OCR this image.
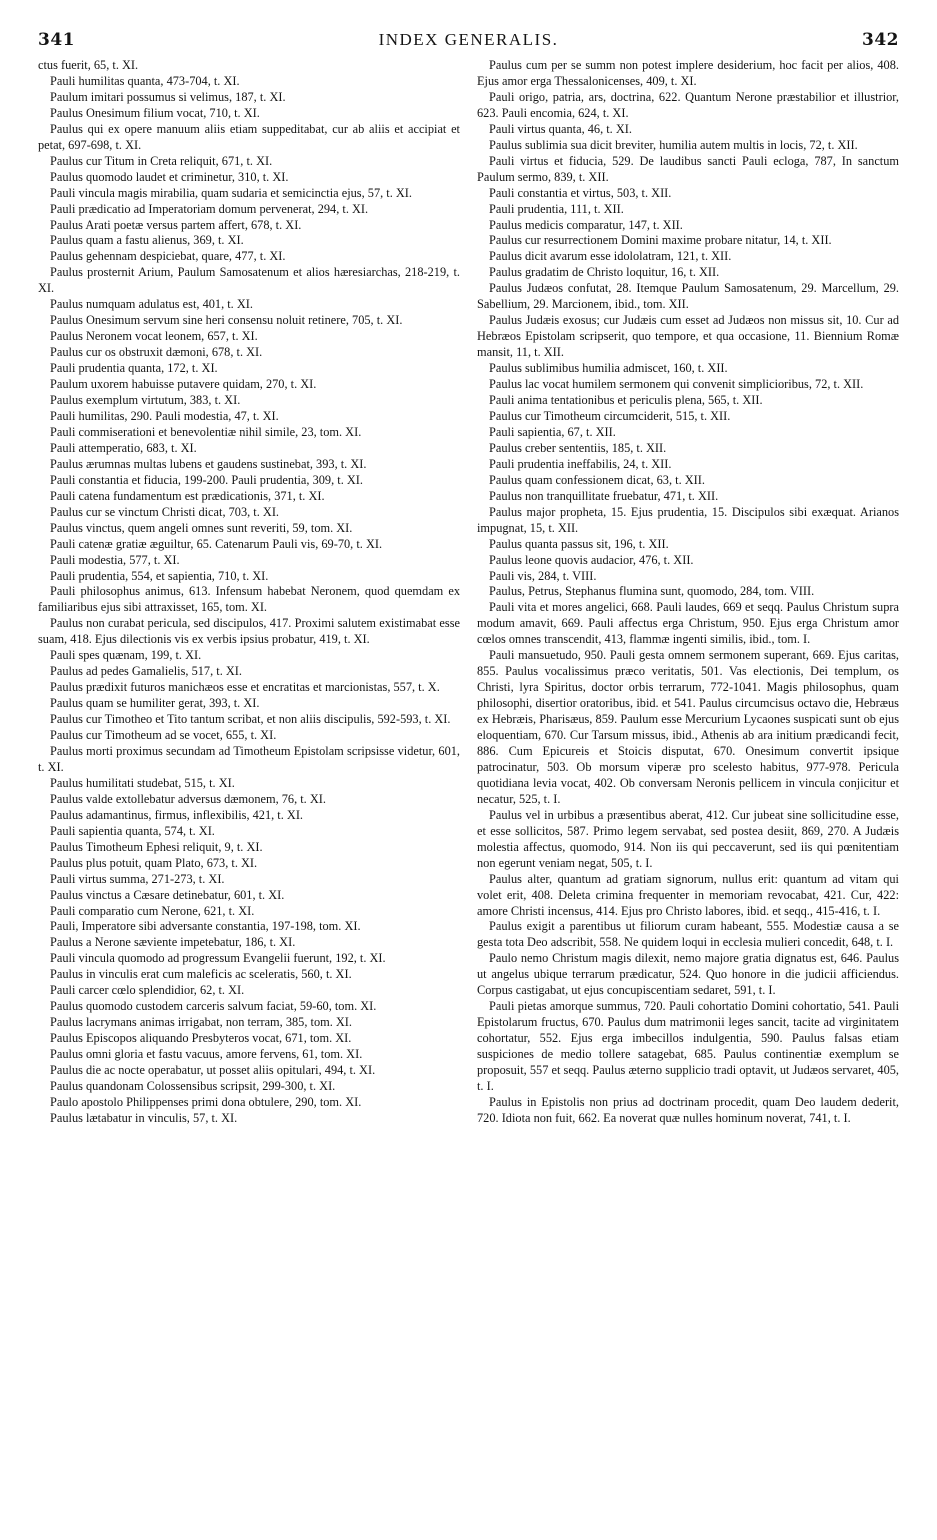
341	INDEX GENERALIS.	342

ctus fuerit, 65, t. XI.

Pauli humilitas quanta, 473-704, t. XI.

Paulum imitari possumus si velimus, 187, t. XI.

Paulus Onesimum filium vocat, 710, t. XI.

Paulus qui ex opere manuum aliis etiam suppeditabat, cur ab aliis et accipiat et petat, 697-698, t. XI.

Paulus cur Titum in Creta reliquit, 671, t. XI.

Paulus quomodo laudet et criminetur, 310, t. XI.

Pauli vincula magis mirabilia, quam sudaria et semicinctia ejus, 57, t. XI.

Pauli prædicatio ad Imperatoriam domum pervenerat, 294, t. XI.

Paulus Arati poetæ versus partem affert, 678, t. XI.

Paulus quam a fastu alienus, 369, t. XI.

Paulus gehennam despiciebat, quare, 477, t. XI.

Paulus prosternit Arium, Paulum Samosatenum et alios hæresiarchas, 218-219, t. XI.

Paulus numquam adulatus est, 401, t. XI.

Paulus Onesimum servum sine heri consensu noluit retinere, 705, t. XI.

Paulus Neronem vocat leonem, 657, t. XI.

Paulus cur os obstruxit dæmoni, 678, t. XI.

Pauli prudentia quanta, 172, t. XI.

Paulum uxorem habuisse putavere quidam, 270, t. XI.

Paulus exemplum virtutum, 383, t. XI.

Pauli humilitas, 290. Pauli modestia, 47, t. XI.

Pauli commiserationi et benevolentiæ nihil simile, 23, tom. XI.

Pauli attemperatio, 683, t. XI.

Paulus ærumnas multas lubens et gaudens sustinebat, 393, t. XI.

Pauli constantia et fiducia, 199-200. Pauli prudentia, 309, t. XI.

Pauli catena fundamentum est prædicationis, 371, t. XI.

Paulus cur se vinctum Christi dicat, 703, t. XI.

Paulus vinctus, quem angeli omnes sunt reveriti, 59, tom. XI.

Pauli catenæ gratiæ æguiltur, 65. Catenarum Pauli vis, 69-70, t. XI.

Pauli modestia, 577, t. XI.

Pauli prudentia, 554, et sapientia, 710, t. XI.

Pauli philosophus animus, 613. Infensum habebat Neronem, quod quemdam ex familiaribus ejus sibi attraxisset, 165, tom. XI.

Paulus non curabat pericula, sed discipulos, 417. Proximi salutem existimabat esse suam, 418. Ejus dilectionis vis ex verbis ipsius probatur, 419, t. XI.

Pauli spes quænam, 199, t. XI.

Paulus ad pedes Gamalielis, 517, t. XI.

Paulus prædixit futuros manichæos esse et encratitas et marcionistas, 557, t. X.

Paulus quam se humiliter gerat, 393, t. XI.

Paulus cur Timotheo et Tito tantum scribat, et non aliis discipulis, 592-593, t. XI.

Paulus cur Timotheum ad se vocet, 655, t. XI.

Paulus morti proximus secundam ad Timotheum Epistolam scripsisse videtur, 601, t. XI.

Paulus humilitati studebat, 515, t. XI.

Paulus valde extollebatur adversus dæmonem, 76, t. XI.

Paulus adamantinus, firmus, inflexibilis, 421, t. XI.

Pauli sapientia quanta, 574, t. XI.

Paulus Timotheum Ephesi reliquit, 9, t. XI.

Paulus plus potuit, quam Plato, 673, t. XI.

Pauli virtus summa, 271-273, t. XI.

Paulus vinctus a Cæsare detinebatur, 601, t. XI.

Pauli comparatio cum Nerone, 621, t. XI.

Pauli, Imperatore sibi adversante constantia, 197-198, tom. XI.

Paulus a Nerone sæviente impetebatur, 186, t. XI.

Pauli vincula quomodo ad progressum Evangelii fuerunt, 192, t. XI.

Paulus in vinculis erat cum maleficis ac sceleratis, 560, t. XI.

Pauli carcer cœlo splendidior, 62, t. XI.

Paulus quomodo custodem carceris salvum faciat, 59-60, tom. XI.

Paulus lacrymans animas irrigabat, non terram, 385, tom. XI.

Paulus Episcopos aliquando Presbyteros vocat, 671, tom. XI.

Paulus omni gloria et fastu vacuus, amore fervens, 61, tom. XI.

Paulus die ac nocte operabatur, ut posset aliis opitulari, 494, t. XI.

Paulus quandonam Colossensibus scripsit, 299-300, t. XI.

Paulo apostolo Philippenses primi dona obtulere, 290, tom. XI.

Paulus lætabatur in vinculis, 57, t. XI.

Paulus cum per se summ non potest implere desiderium, hoc facit per alios, 408. Ejus amor erga Thessalonicenses, 409, t. XI.

Pauli origo, patria, ars, doctrina, 622. Quantum Nerone præstabilior et illustrior, 623. Pauli encomia, 624, t. XI.

Pauli virtus quanta, 46, t. XI.

Paulus sublimia sua dicit breviter, humilia autem multis in locis, 72, t. XII.

Pauli virtus et fiducia, 529. De laudibus sancti Pauli ecloga, 787, In sanctum Paulum sermo, 839, t. XII.

Pauli constantia et virtus, 503, t. XII.

Pauli prudentia, 111, t. XII.

Paulus medicis comparatur, 147, t. XII.

Paulus cur resurrectionem Domini maxime probare nitatur, 14, t. XII.

Paulus dicit avarum esse idololatram, 121, t. XII.

Paulus gradatim de Christo loquitur, 16, t. XII.

Paulus Judæos confutat, 28. Itemque Paulum Samosatenum, 29. Marcellum, 29. Sabellium, 29. Marcionem, ibid., tom. XII.

Paulus Judæis exosus; cur Judæis cum esset ad Judæos non missus sit, 10. Cur ad Hebræos Epistolam scripserit, quo tempore, et qua occasione, 11. Biennium Romæ mansit, 11, t. XII.

Paulus sublimibus humilia admiscet, 160, t. XII.

Paulus lac vocat humilem sermonem qui convenit simplicioribus, 72, t. XII.

Pauli anima tentationibus et periculis plena, 565, t. XII.

Paulus cur Timotheum circumciderit, 515, t. XII.

Pauli sapientia, 67, t. XII.

Paulus creber sententiis, 185, t. XII.

Pauli prudentia ineffabilis, 24, t. XII.

Paulus quam confessionem dicat, 63, t. XII.

Paulus non tranquillitate fruebatur, 471, t. XII.

Paulus major propheta, 15. Ejus prudentia, 15. Discipulos sibi exæquat. Arianos impugnat, 15, t. XII.

Paulus quanta passus sit, 196, t. XII.

Paulus leone quovis audacior, 476, t. XII.

Pauli vis, 284, t. VIII.

Paulus, Petrus, Stephanus flumina sunt, quomodo, 284, tom. VIII.

Pauli vita et mores angelici, 668. Pauli laudes, 669 et seqq. Paulus Christum supra modum amavit, 669. Pauli affectus erga Christum, 950. Ejus erga Christum amor cœlos omnes transcendit, 413, flammæ ingenti similis, ibid., tom. I.

Pauli mansuetudo, 950. Pauli gesta omnem sermonem superant, 669. Ejus caritas, 855. Paulus vocalissimus præco veritatis, 501. Vas electionis, Dei templum, os Christi, lyra Spiritus, doctor orbis terrarum, 772-1041. Magis philosophus, quam philosophi, disertior oratoribus, ibid. et 541. Paulus circumcisus octavo die, Hebræus ex Hebræis, Pharisæus, 859. Paulum esse Mercurium Lycaones suspicati sunt ob ejus eloquentiam, 670. Cur Tarsum missus, ibid., Athenis ab ara initium prædicandi fecit, 886. Cum Epicureis et Stoicis disputat, 670. Onesimum convertit ipsique patrocinatur, 503. Ob morsum viperæ pro scelesto habitus, 977-978. Pericula quotidiana levia vocat, 402. Ob conversam Neronis pellicem in vincula conjicitur et necatur, 525, t. I.

Paulus vel in urbibus a præsentibus aberat, 412. Cur jubeat sine sollicitudine esse, et esse sollicitos, 587. Primo legem servabat, sed postea desiit, 869, 270. A Judæis molestia affectus, quomodo, 914. Non iis qui peccaverunt, sed iis qui pœnitentiam non egerunt veniam negat, 505, t. I.

Paulus alter, quantum ad gratiam signorum, nullus erit: quantum ad vitam qui volet erit, 408. Deleta crimina frequenter in memoriam revocabat, 421. Cur, 422: amore Christi incensus, 414. Ejus pro Christo labores, ibid. et seqq., 415-416, t. I.

Paulus exigit a parentibus ut filiorum curam habeant, 555. Modestiæ causa a se gesta tota Deo adscribit, 558. Ne quidem loqui in ecclesia mulieri concedit, 648, t. I.

Paulo nemo Christum magis dilexit, nemo majore gratia dignatus est, 646. Paulus ut angelus ubique terrarum prædicatur, 524. Quo honore in die judicii afficiendus. Corpus castigabat, ut ejus concupiscentiam sedaret, 591, t. I.

Pauli pietas amorque summus, 720. Pauli cohortatio Domini cohortatio, 541. Pauli Epistolarum fructus, 670. Paulus dum matrimonii leges sancit, tacite ad virginitatem cohortatur, 552. Ejus erga imbecillos indulgentia, 590. Paulus falsas etiam suspiciones de medio tollere satagebat, 685. Paulus continentiæ exemplum se proposuit, 557 et seqq. Paulus æterno supplicio tradi optavit, ut Judæos servaret, 405, t. I.

Paulus in Epistolis non prius ad doctrinam procedit, quam Deo laudem dederit, 720. Idiota non fuit, 662. Ea noverat quæ nulles hominum noverat, 741, t. I.
